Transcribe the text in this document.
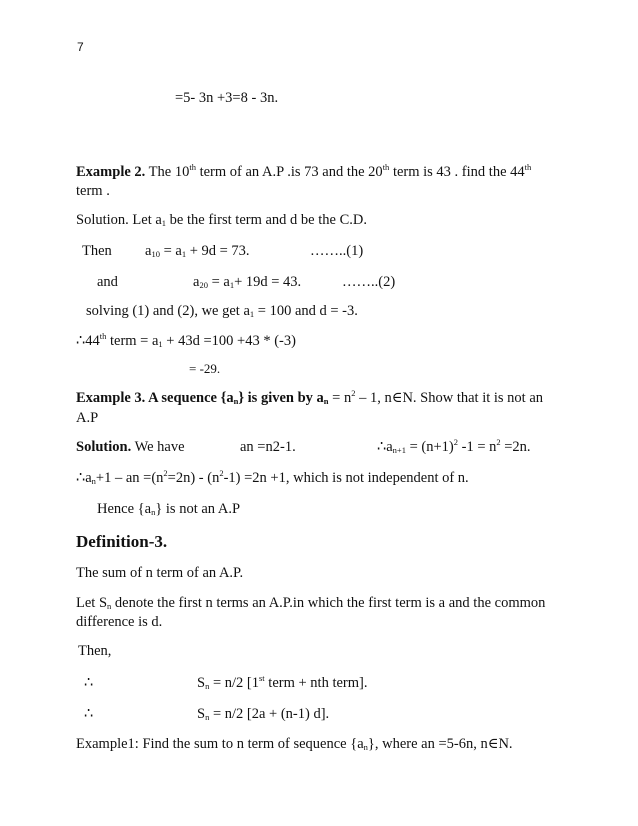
7
=5- 3n +3=8 - 3n.
Example 2. The 10th term of an A.P .is 73 and the 20th term is 43 . find the 44th
term .
Solution. Let $a_1$ be the first term and d be the C.D.
Then $a_{10} = a_1 + 9d = 73$.	……..(1)
and	$a_{20} = a_1+ 19d = 43$.	……..(2)
solving (1) and (2), we get $a_1 = 100$ and d = -3.
∴44th term = $a_1 + 43d =100 +43 * (-3)$
= -29.
Example 3. A sequence $\{a_n\}$ is given by $a_n = n^2 - 1$, n∈N. Show that it is not an
A.P
Solution. We have	an =n2-1.	$\therefore a_{n+1} = (n+1)^2$ $-1 = n^2 =2n$.
$\therefore a_n+1$ – an $=(n^2=2n) - (n^2-1) =2n +1$, which is not independent of n.
Hence $\{a_n\}$ is not an A.P
Definition-3.
The sum of n term of an A.P.
Let $S_n$ denote the first n terms an A.P.in which the first term is a and the common
difference is d.
Then,
∴	$S_n = n/2$ [1st term + nth term].
∴	$S_n = n/2$ [2a + (n-1) d].
Example1: Find the sum to n term of sequence $\{a_n\}$, where an =5-6n, n∈N.
